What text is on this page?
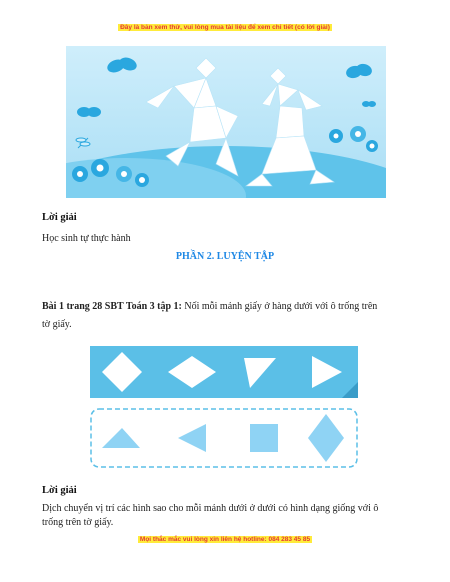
Đây là bản xem thử, vui lòng mua tài liệu để xem chi tiết (có lời giải)
Lời giải
Học sinh tự thực hành
PHẦN 2. LUYỆN TẬP
Bài 1 trang 28 SBT Toán 3 tập 1: Nối mỗi mảnh giấy ở hàng dưới với ô trống trên
tờ giấy.
Lời giải
Dịch chuyển vị trí các hình sao cho mỗi mảnh dưới ở dưới có hình dạng giống với ô
trống trên tờ giấy.
Mọi thắc mắc vui lòng xin liên hệ hotline: 084 283 45 85
